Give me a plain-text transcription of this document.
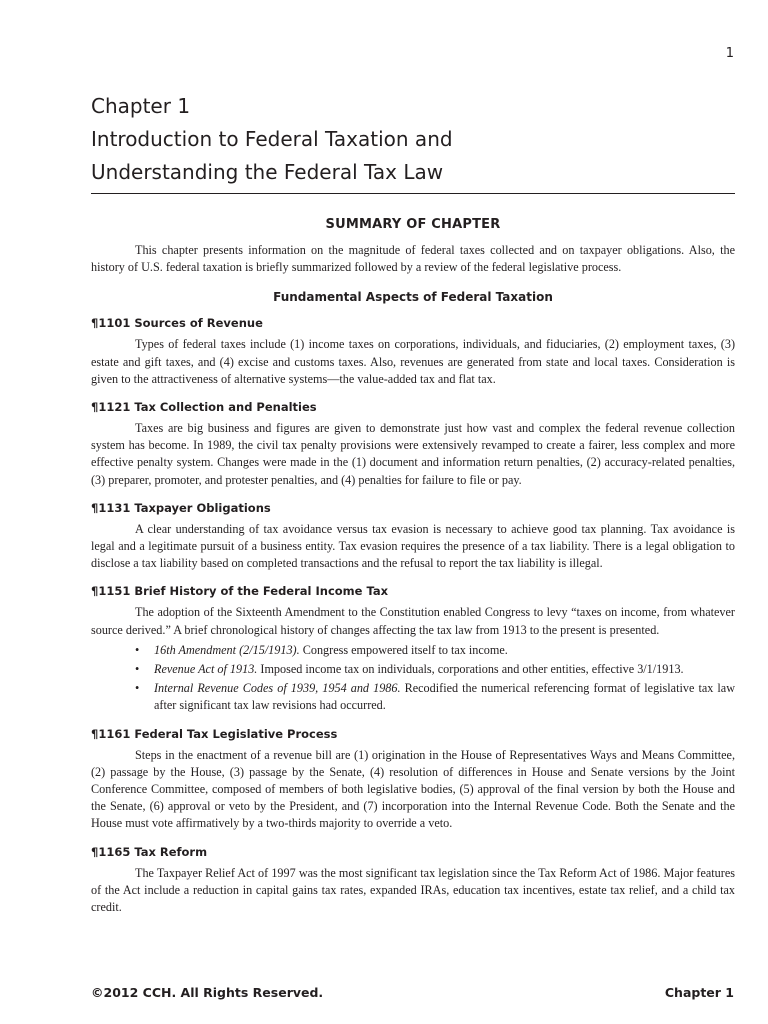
1
Chapter 1
Introduction to Federal Taxation and
Understanding the Federal Tax Law
SUMMARY OF CHAPTER

This chapter presents information on the magnitude of federal taxes collected and on taxpayer obligations. Also, the history of U.S. federal taxation is briefly summarized followed by a review of the federal legislative process.

Fundamental Aspects of Federal Taxation
¶1101 Sources of Revenue

Types of federal taxes include (1) income taxes on corporations, individuals, and fiduciaries, (2) employment taxes, (3) estate and gift taxes, and (4) excise and customs taxes. Also, revenues are generated from state and local taxes. Consideration is given to the attractiveness of alternative systems—the value-added tax and flat tax.

¶1121 Tax Collection and Penalties

Taxes are big business and figures are given to demonstrate just how vast and complex the federal revenue collection system has become. In 1989, the civil tax penalty provisions were extensively revamped to create a fairer, less complex and more effective penalty system. Changes were made in the (1) document and information return penalties, (2) accuracy-related penalties, (3) preparer, promoter, and protester penalties, and (4) penalties for failure to file or pay.

¶1131 Taxpayer Obligations

A clear understanding of tax avoidance versus tax evasion is necessary to achieve good tax planning. Tax avoidance is legal and a legitimate pursuit of a business entity. Tax evasion requires the presence of a tax liability. There is a legal obligation to disclose a tax liability based on completed transactions and the refusal to report the tax liability is illegal.

¶1151 Brief History of the Federal Income Tax

The adoption of the Sixteenth Amendment to the Constitution enabled Congress to levy “taxes on income, from whatever source derived.” A brief chronological history of changes affecting the tax law from 1913 to the present is presented.

• 16th Amendment (2/15/1913). Congress empowered itself to tax income.
• Revenue Act of 1913. Imposed income tax on individuals, corporations and other entities, effective 3/1/1913.
• Internal Revenue Codes of 1939, 1954 and 1986. Recodified the numerical referencing format of legislative tax law after significant tax law revisions had occurred.
¶1161 Federal Tax Legislative Process

Steps in the enactment of a revenue bill are (1) origination in the House of Representatives Ways and Means Committee, (2) passage by the House, (3) passage by the Senate, (4) resolution of differences in House and Senate versions by the Joint Conference Committee, composed of members of both legislative bodies, (5) approval of the final version by both the House and the Senate, (6) approval or veto by the President, and (7) incorporation into the Internal Revenue Code. Both the Senate and the House must vote affirmatively by a two-thirds majority to override a veto.

¶1165 Tax Reform

The Taxpayer Relief Act of 1997 was the most significant tax legislation since the Tax Reform Act of 1986. Major features of the Act include a reduction in capital gains tax rates, expanded IRAs, education tax incentives, estate tax relief, and a child tax credit.

©2012 CCH. All Rights Reserved.	Chapter 1
